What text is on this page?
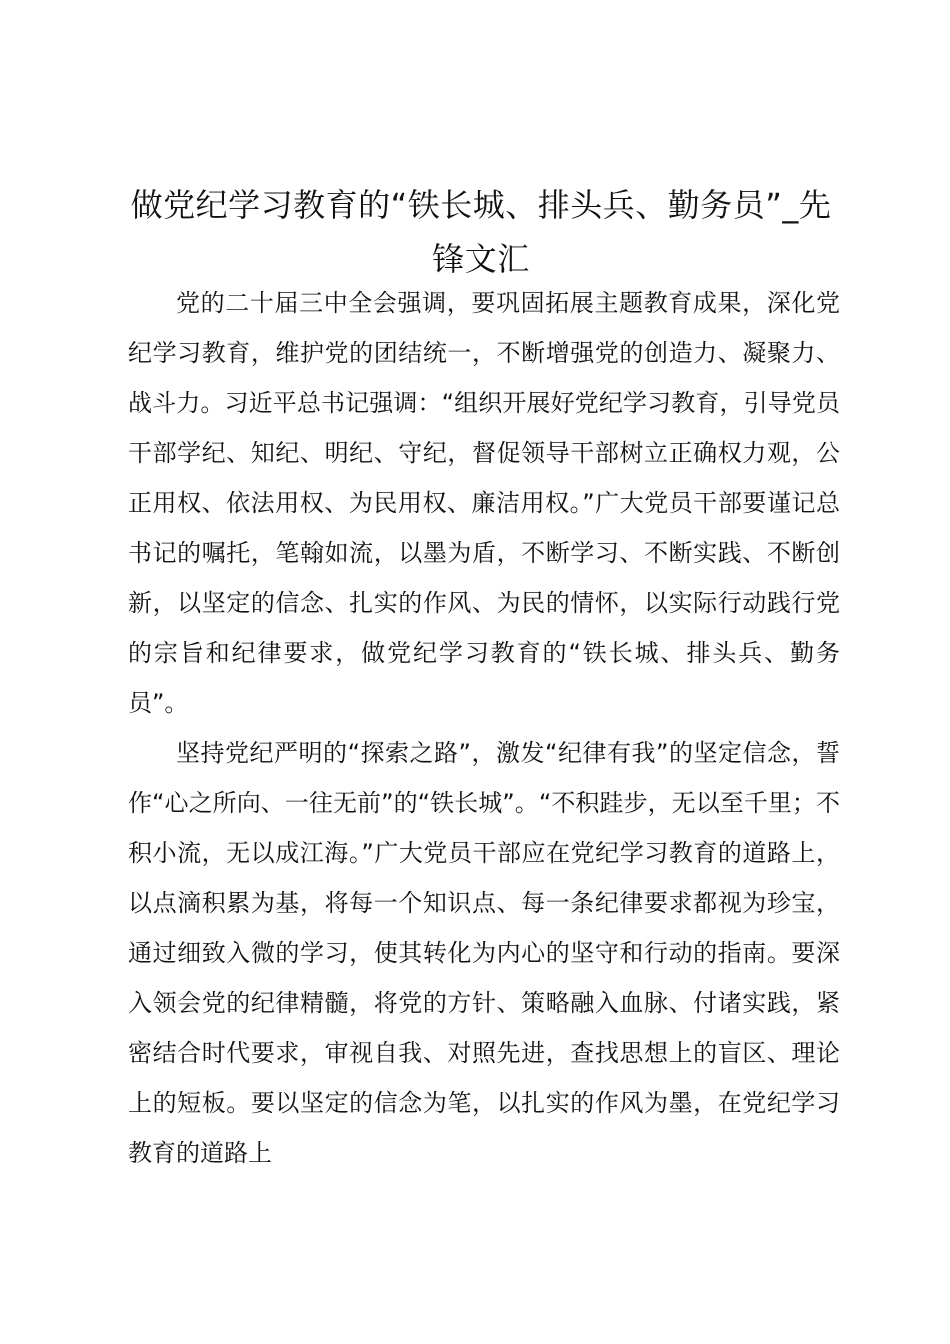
做党纪学习教育的“铁长城、排头兵、勤务员”_先锋文汇

党的二十届三中全会强调，要巩固拓展主题教育成果，深化党纪学习教育，维护党的团结统一，不断增强党的创造力、凝聚力、战斗力。习近平总书记强调：“组织开展好党纪学习教育，引导党员干部学纪、知纪、明纪、守纪，督促领导干部树立正确权力观，公正用权、依法用权、为民用权、廉洁用权。”广大党员干部要谨记总书记的嘱托，笔翰如流，以墨为盾，不断学习、不断实践、不断创新，以坚定的信念、扎实的作风、为民的情怀，以实际行动践行党的宗旨和纪律要求，做党纪学习教育的“铁长城、排头兵、勤务员”。

坚持党纪严明的“探索之路”，激发“纪律有我”的坚定信念，誓作“心之所向、一往无前”的“铁长城”。“不积跬步，无以至千里；不积小流，无以成江海。”广大党员干部应在党纪学习教育的道路上，以点滴积累为基，将每一个知识点、每一条纪律要求都视为珍宝，通过细致入微的学习，使其转化为内心的坚守和行动的指南。要深入领会党的纪律精髓，将党的方针、策略融入血脉、付诸实践，紧密结合时代要求，审视自我、对照先进，查找思想上的盲区、理论上的短板。要以坚定的信念为笔，以扎实的作风为墨，在党纪学习教育的道路上
